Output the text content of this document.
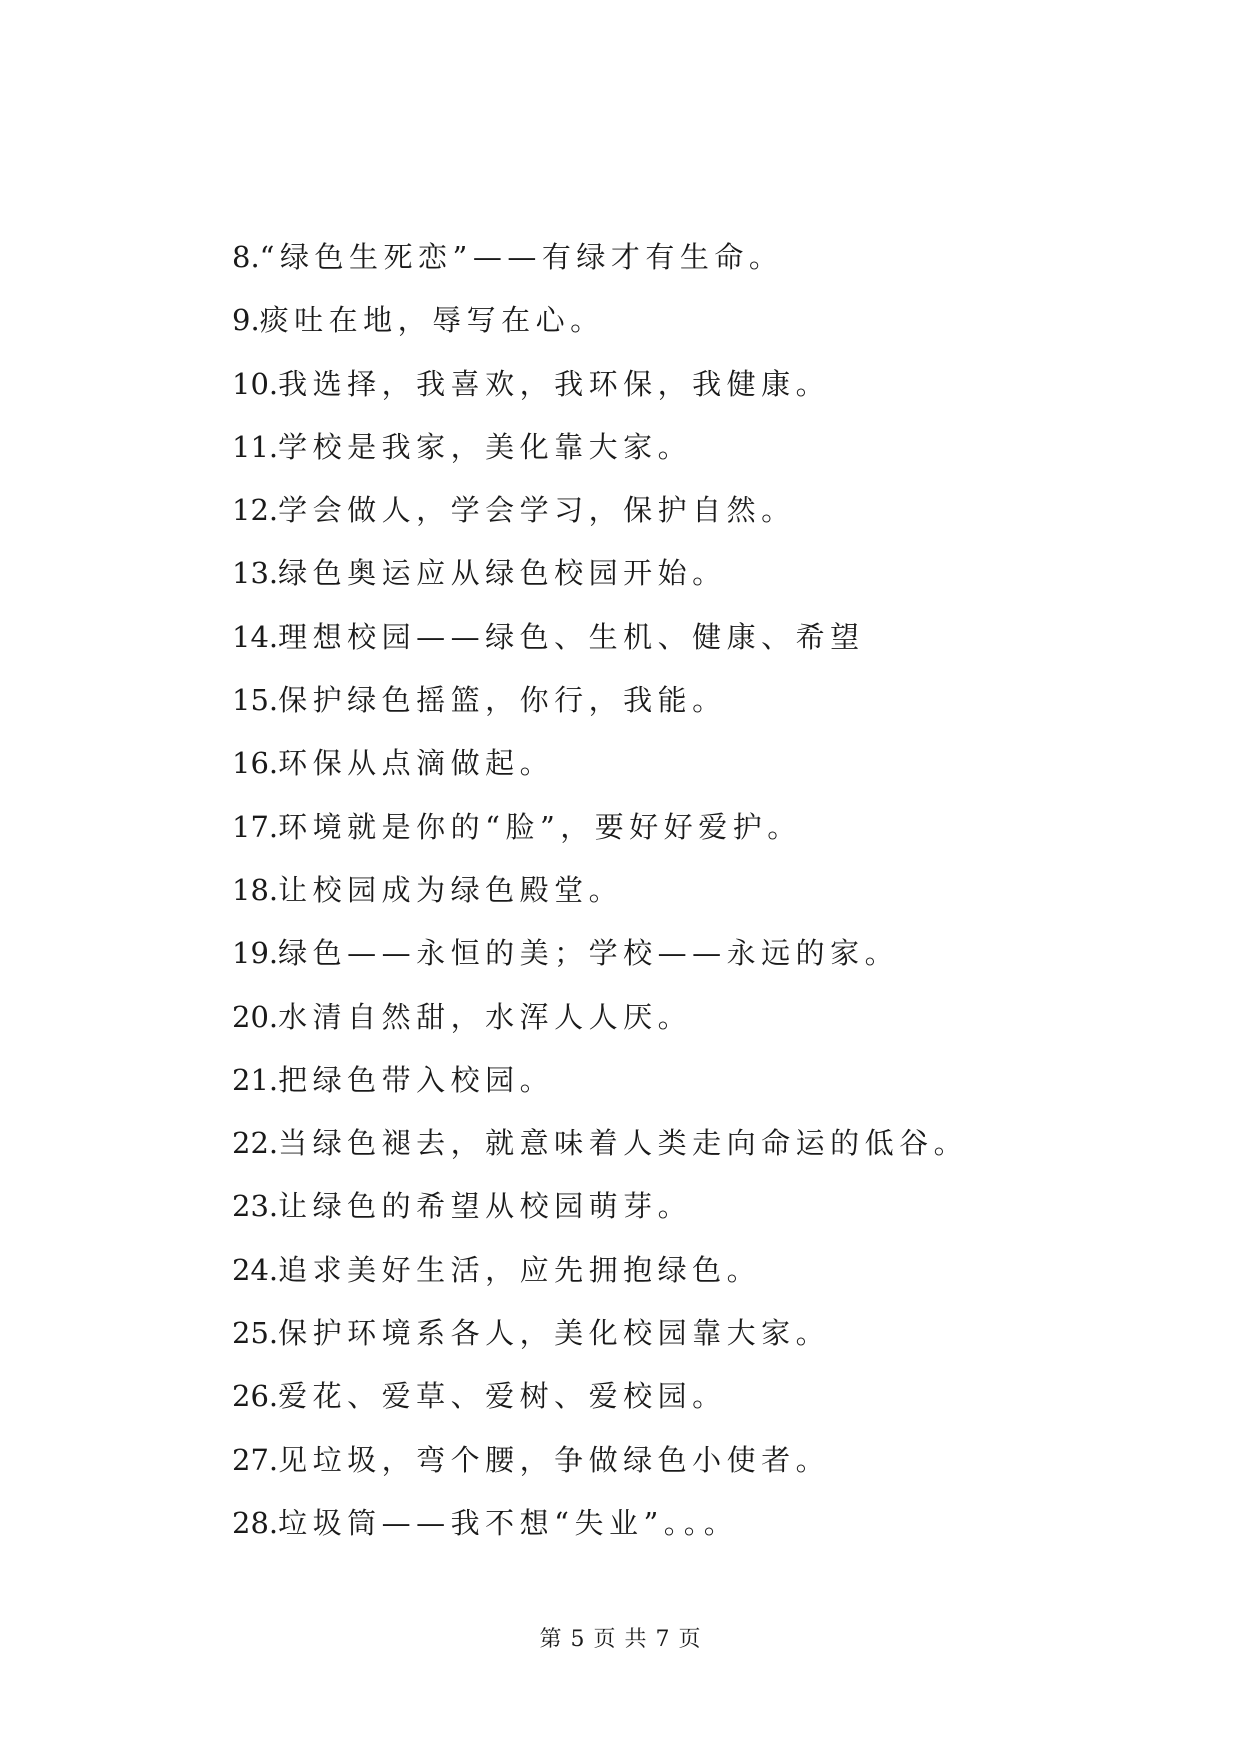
8.“绿色生死恋”——有绿才有生命。
9.痰吐在地，辱写在心。
10.我选择，我喜欢，我环保，我健康。
11.学校是我家，美化靠大家。
12.学会做人，学会学习，保护自然。
13.绿色奥运应从绿色校园开始。
14.理想校园——绿色、生机、健康、希望
15.保护绿色摇篮，你行，我能。
16.环保从点滴做起。
17.环境就是你的“脸”，要好好爱护。
18.让校园成为绿色殿堂。
19.绿色——永恒的美；学校——永远的家。
20.水清自然甜，水浑人人厌。
21.把绿色带入校园。
22.当绿色褪去，就意味着人类走向命运的低谷。
23.让绿色的希望从校园萌芽。
24.追求美好生活，应先拥抱绿色。
25.保护环境系各人，美化校园靠大家。
26.爱花、爱草、爱树、爱校园。
27.见垃圾，弯个腰，争做绿色小使者。
28.垃圾筒——我不想“失业”。。。
第 5 页 共 7 页
